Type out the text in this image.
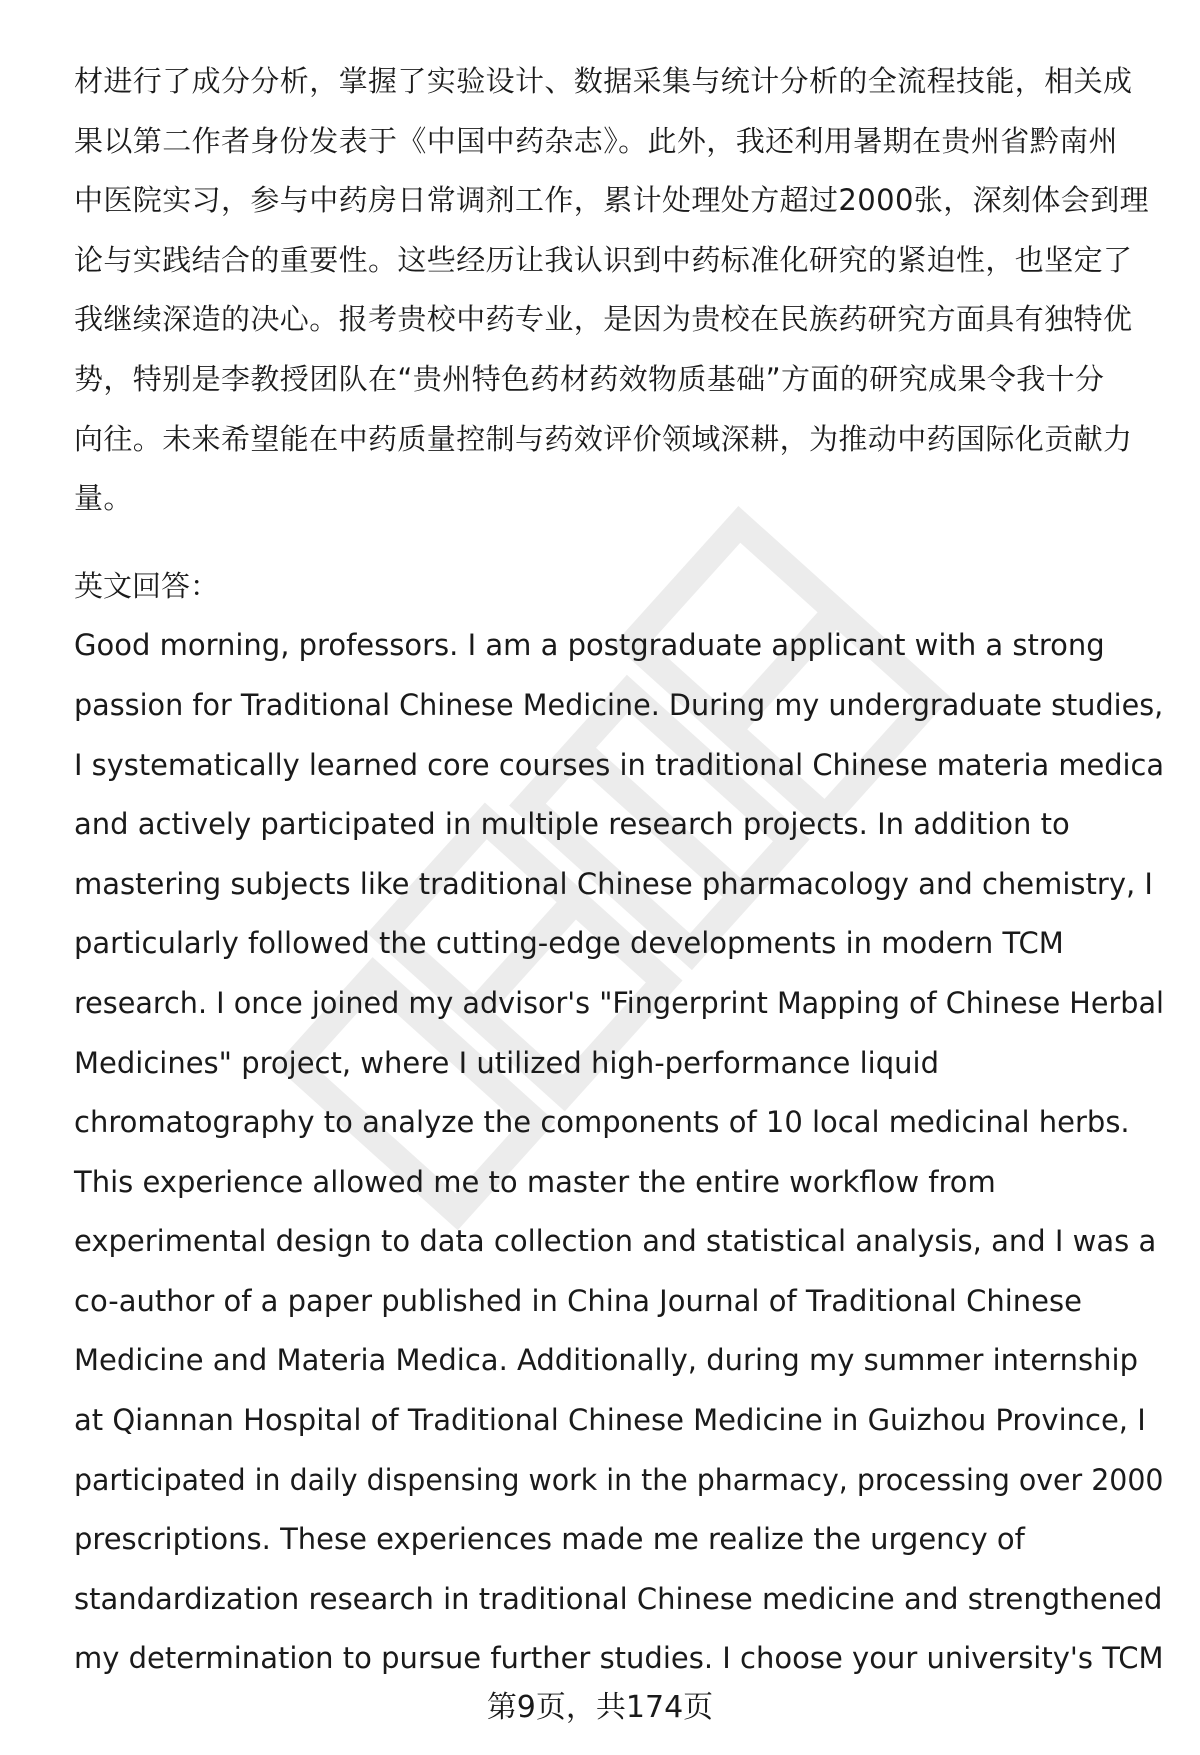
材进行了成分分析，掌握了实验设计、数据采集与统计分析的全流程技能，相关成
果以第二作者身份发表于《中国中药杂志》。此外，我还利用暑期在贵州省黔南州
中医院实习，参与中药房日常调剂工作，累计处理处方超过2000张，深刻体会到理
论与实践结合的重要性。这些经历让我认识到中药标准化研究的紧迫性，也坚定了
我继续深造的决心。报考贵校中药专业，是因为贵校在民族药研究方面具有独特优
势，特别是李教授团队在“贵州特色药材药效物质基础”方面的研究成果令我十分
向往。未来希望能在中药质量控制与药效评价领域深耕，为推动中药国际化贡献力
量。
英文回答：
Good morning, professors. I am a postgraduate applicant with a strong
passion for Traditional Chinese Medicine. During my undergraduate studies,
I systematically learned core courses in traditional Chinese materia medica
and actively participated in multiple research projects. In addition to
mastering subjects like traditional Chinese pharmacology and chemistry, I
particularly followed the cutting-edge developments in modern TCM
research. I once joined my advisor's "Fingerprint Mapping of Chinese Herbal
Medicines" project, where I utilized high-performance liquid
chromatography to analyze the components of 10 local medicinal herbs.
This experience allowed me to master the entire workflow from
experimental design to data collection and statistical analysis, and I was a
co-author of a paper published in China Journal of Traditional Chinese
Medicine and Materia Medica. Additionally, during my summer internship
at Qiannan Hospital of Traditional Chinese Medicine in Guizhou Province, I
participated in daily dispensing work in the pharmacy, processing over 2000
prescriptions. These experiences made me realize the urgency of
standardization research in traditional Chinese medicine and strengthened
my determination to pursue further studies. I choose your university's TCM
第9页，共174页
